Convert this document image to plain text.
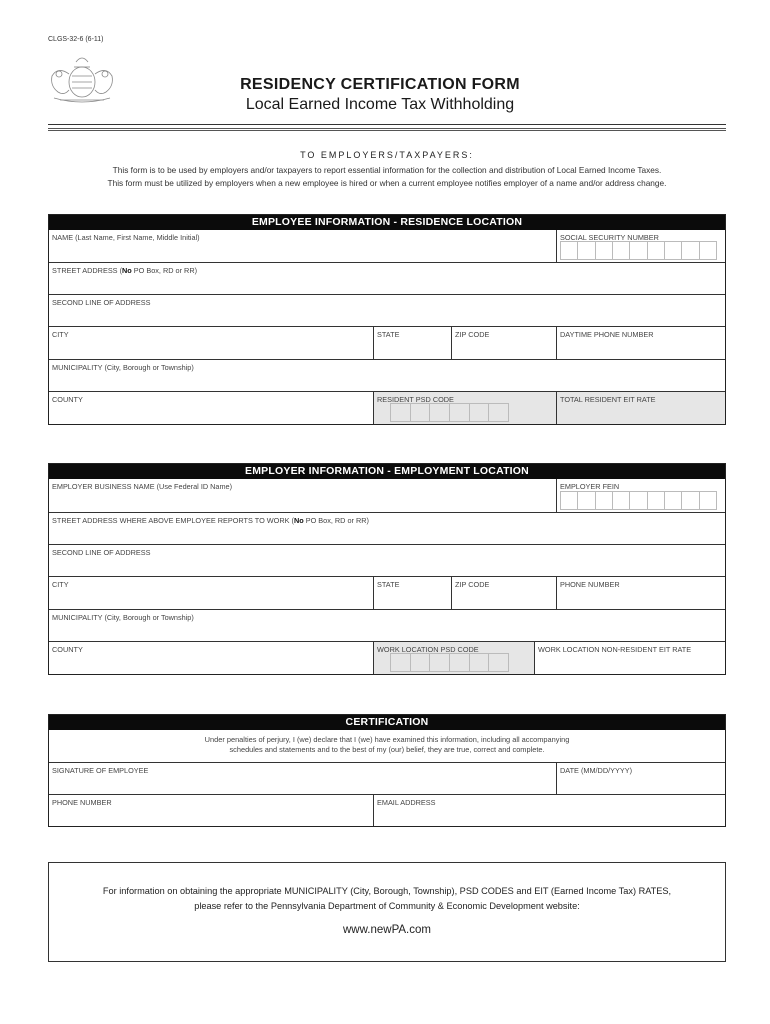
CLGS-32-6 (6-11)
RESIDENCY CERTIFICATION FORM
Local Earned Income Tax Withholding
TO EMPLOYERS/TAXPAYERS:
This form is to be used by employers and/or taxpayers to report essential information for the collection and distribution of Local Earned Income Taxes.
This form must be utilized by employers when a new employee is hired or when a current employee notifies employer of a name and/or address change.
EMPLOYEE INFORMATION - RESIDENCE LOCATION
NAME (Last Name, First Name, Middle Initial)	SOCIAL SECURITY NUMBER
STREET ADDRESS (No PO Box, RD or RR)
SECOND LINE OF ADDRESS
CITY	STATE	ZIP CODE	DAYTIME PHONE NUMBER
MUNICIPALITY (City, Borough or Township)
COUNTY	RESIDENT PSD CODE	TOTAL RESIDENT EIT RATE
EMPLOYER INFORMATION - EMPLOYMENT LOCATION
EMPLOYER BUSINESS NAME (Use Federal ID Name)	EMPLOYER FEIN
STREET ADDRESS WHERE ABOVE EMPLOYEE REPORTS TO WORK (No PO Box, RD or RR)
SECOND LINE OF ADDRESS
CITY	STATE	ZIP CODE	PHONE NUMBER
MUNICIPALITY (City, Borough or Township)
COUNTY	WORK LOCATION PSD CODE	WORK LOCATION NON-RESIDENT EIT RATE
CERTIFICATION
Under penalties of perjury, I (we) declare that I (we) have examined this information, including all accompanying
schedules and statements and to the best of my (our) belief, they are true, correct and complete.
SIGNATURE OF EMPLOYEE	DATE (MM/DD/YYYY)
PHONE NUMBER	EMAIL ADDRESS
For information on obtaining the appropriate MUNICIPALITY (City, Borough, Township), PSD CODES and EIT (Earned Income Tax) RATES,
please refer to the Pennsylvania Department of Community & Economic Development website:
www.newPA.com
